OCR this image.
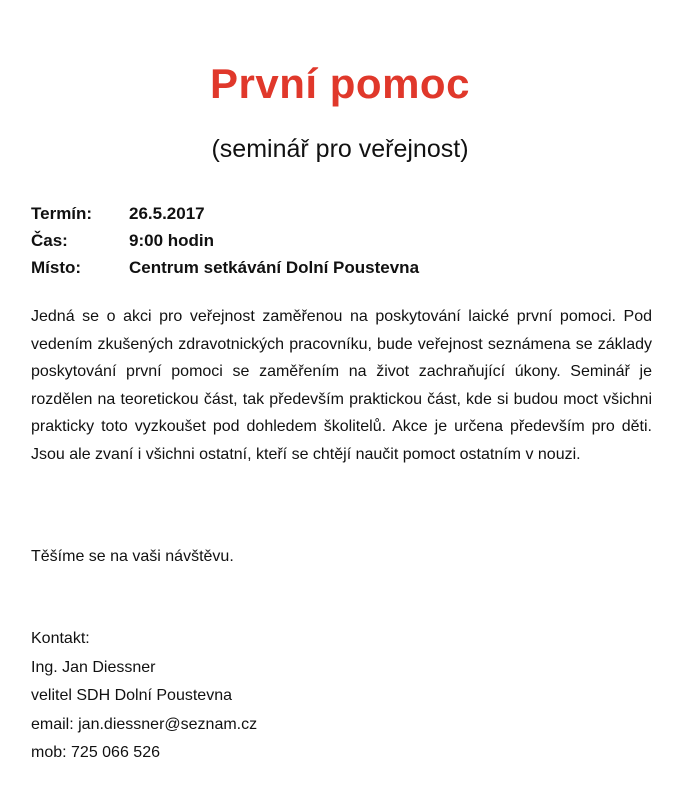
První pomoc
(seminář pro veřejnost)
Termín:	26.5.2017
Čas:	9:00 hodin
Místo:	Centrum setkávání Dolní Poustevna
Jedná se o akci pro veřejnost zaměřenou na poskytování laické první pomoci. Pod vedením zkušených zdravotnických pracovníku, bude veřejnost seznámena se základy poskytování první pomoci se zaměřením na život zachraňující úkony. Seminář je rozdělen na teoretickou část, tak především praktickou část, kde si budou moct všichni prakticky toto vyzkoušet pod dohledem školitelů. Akce je určena především pro děti. Jsou ale zvaní i všichni ostatní, kteří se chtějí naučit pomoct ostatním v nouzi.
Těšíme se na vaši návštěvu.
Kontakt:
Ing. Jan Diessner
velitel SDH Dolní Poustevna
email: jan.diessner@seznam.cz
mob: 725 066 526
